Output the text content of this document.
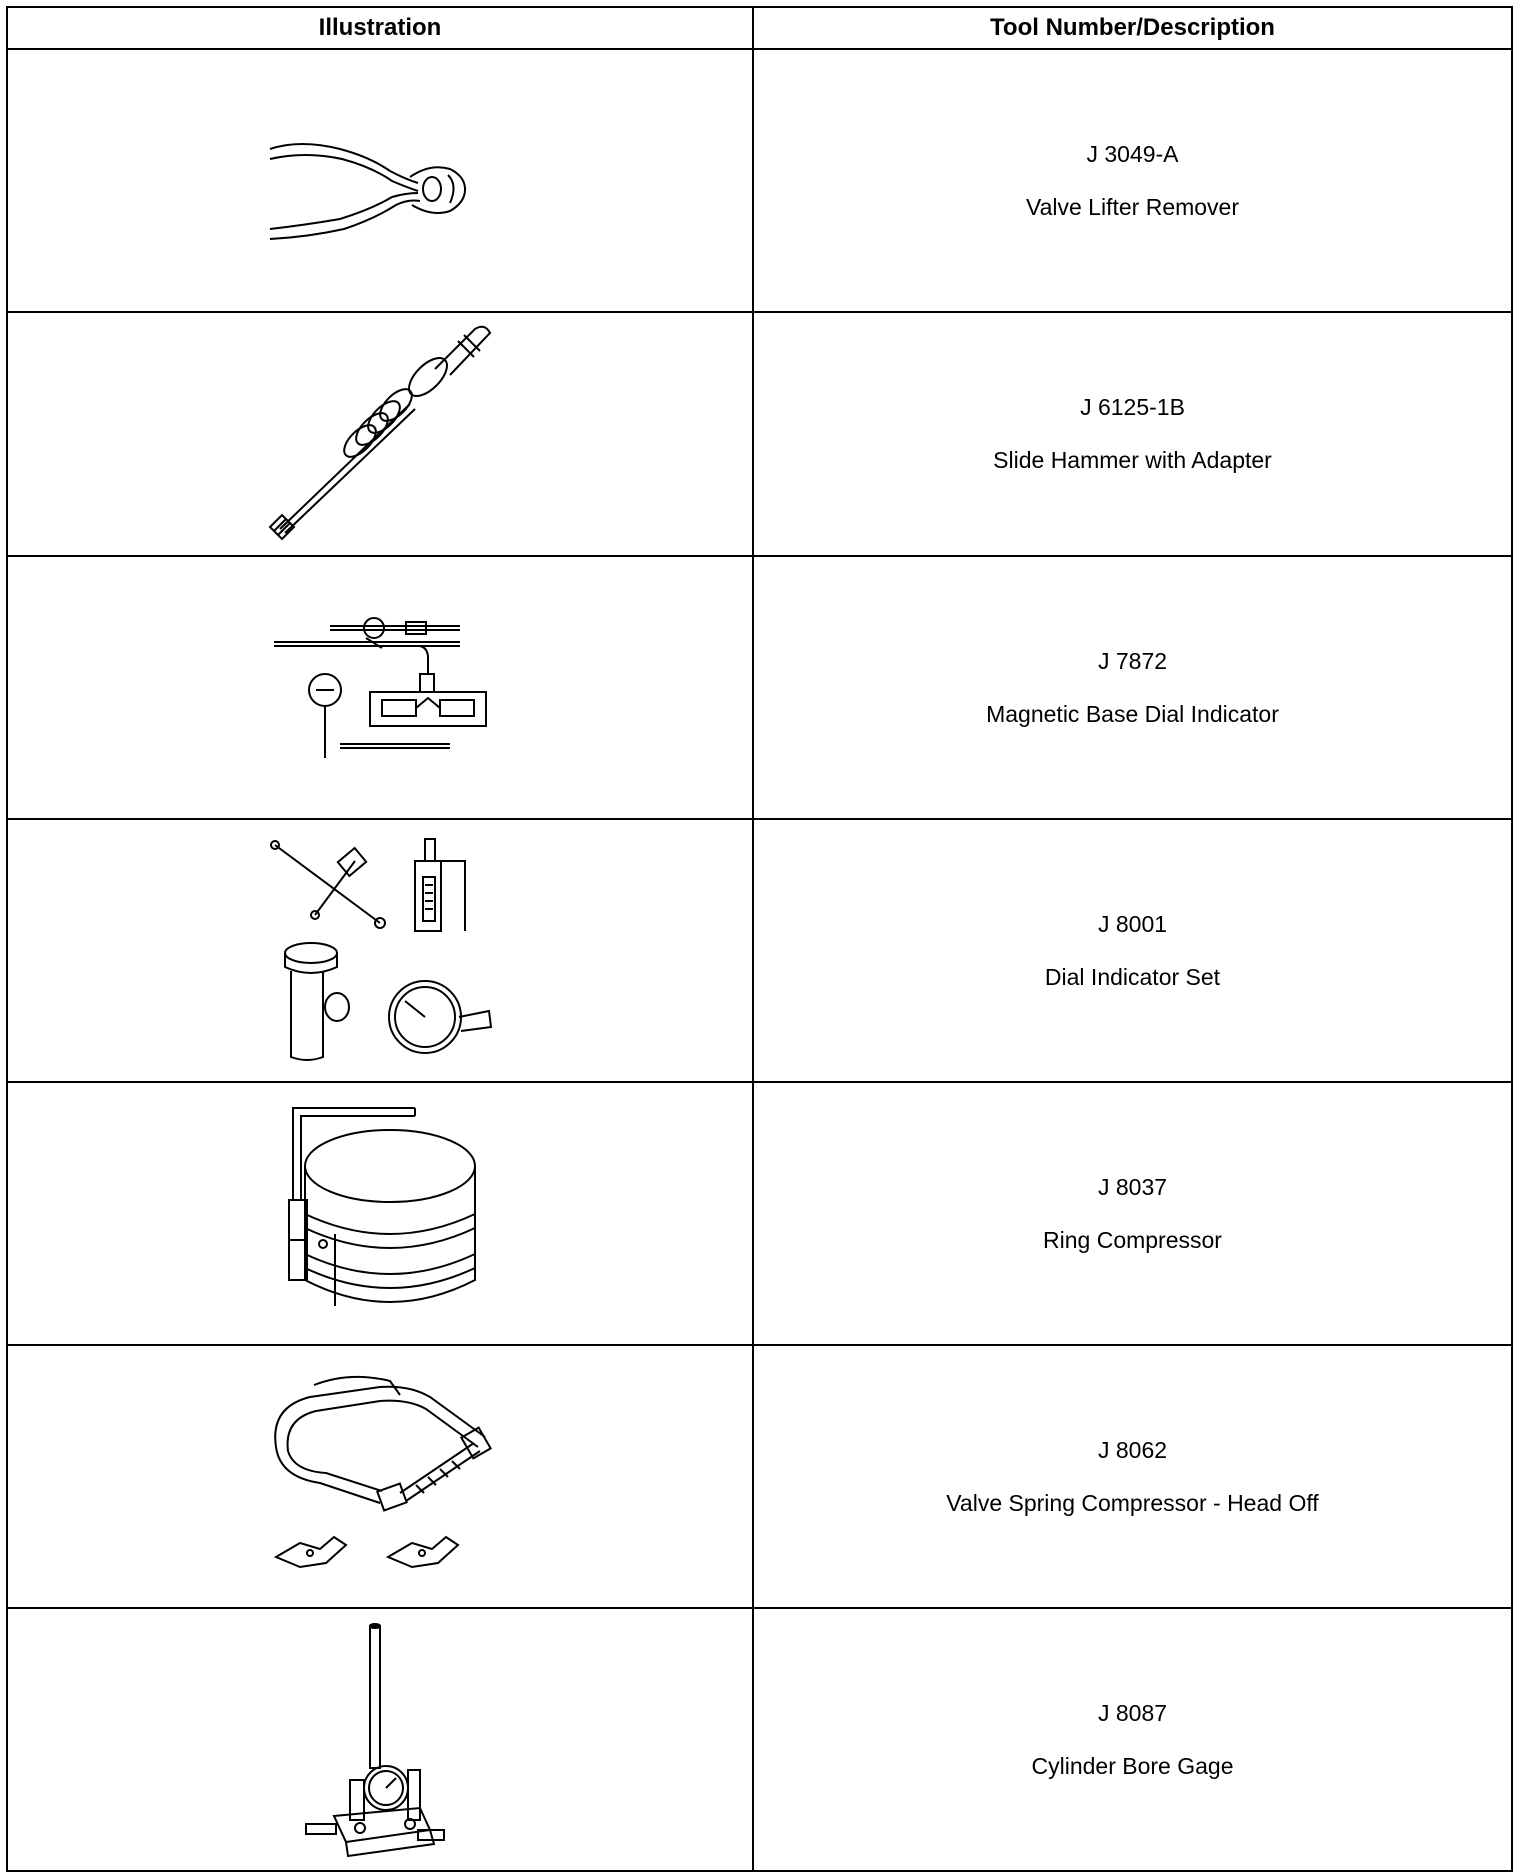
Illustration	Tool Number/Description

J 3049-A
Valve Lifter Remover

J 6125-1B
Slide Hammer with Adapter

J 7872
Magnetic Base Dial Indicator

J 8001
Dial Indicator Set

J 8037
Ring Compressor

J 8062
Valve Spring Compressor - Head Off

J 8087
Cylinder Bore Gage
